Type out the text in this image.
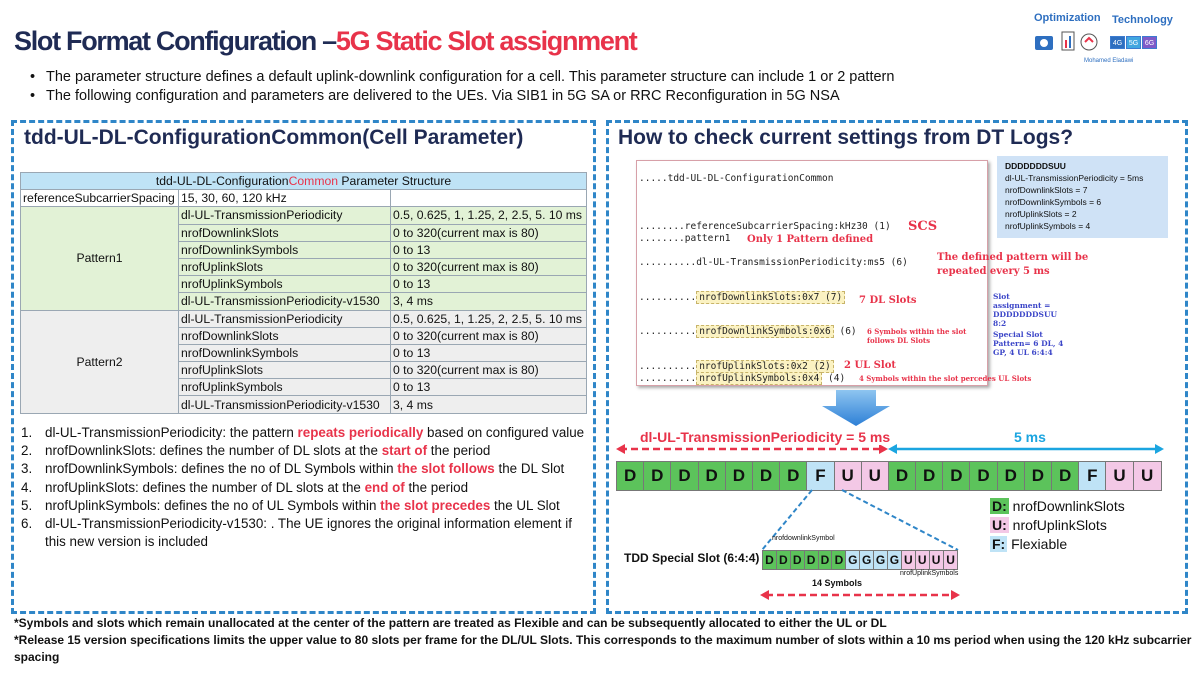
Slot Format Configuration –5G Static Slot assignment
Optimization Technology
4G 5G 6G
Mohamed Eladawi
• The parameter structure defines a default uplink-downlink configuration for a cell. This parameter structure can include 1 or 2 pattern
• The following configuration and parameters are delivered to the UEs. Via SIB1 in 5G SA or RRC Reconfiguration in 5G NSA
tdd-UL-DL-ConfigurationCommon(Cell Parameter)
tdd-UL-DL-ConfigurationCommon Parameter Structure		
referenceSubcarrierSpacing	15, 30, 60, 120 kHz	
Pattern1	dl-UL-TransmissionPeriodicity	0.5, 0.625, 1, 1.25, 2, 2.5, 5. 10 ms
	nrofDownlinkSlots	0 to 320(current max is 80)
	nrofDownlinkSymbols	0 to 13
	nrofUplinkSlots	0 to 320(current max is 80)
	nrofUplinkSymbols	0 to 13
	dl-UL-TransmissionPeriodicity-v1530	3, 4 ms
Pattern2	dl-UL-TransmissionPeriodicity	0.5, 0.625, 1, 1.25, 2, 2.5, 5. 10 ms
	nrofDownlinkSlots	0 to 320(current max is 80)
	nrofDownlinkSymbols	0 to 13
	nrofUplinkSlots	0 to 320(current max is 80)
	nrofUplinkSymbols	0 to 13
	dl-UL-TransmissionPeriodicity-v1530	3, 4 ms
1. dl-UL-TransmissionPeriodicity: the pattern repeats periodically based on configured value
2. nrofDownlinkSlots: defines the number of DL slots at the start of the period
3. nrofDownlinkSymbols: defines the no of DL Symbols within the slot follows the DL Slot
4. nrofUplinkSlots: defines the number of DL slots at the end of the period
5. nrofUplinkSymbols: defines the no of UL Symbols within the slot precedes the UL Slot
6. dl-UL-TransmissionPeriodicity-v1530: . The UE ignores the original information element if this new version is included
How to check current settings from DT Logs?
.....tdd-UL-DL-ConfigurationCommon
........referenceSubcarrierSpacing:kHz30 (1)
........pattern1
..........dl-UL-TransmissionPeriodicity:ms5 (6)
.......... nrofDownlinkSlots:0x7 (7)
.......... nrofDownlinkSymbols:0x6 (6)
.......... nrofUplinkSlots:0x2 (2)
.......... nrofUplinkSymbols:0x4 (4)
SCS
Only 1 Pattern defined
The defined pattern will be repeated every 5 ms
7 DL Slots
6 Symbols within the slot follows DL Slots
2 UL Slot
4 Symbols within the slot percedes UL Slots
Slot assignment = DDDDDDDSUU 8:2
Special Slot Pattern= 6 DL, 4 GP, 4 UL 6:4:4
DDDDDDDSUU
dl-UL-TransmissionPeriodicity = 5ms
nrofDownlinkSlots = 7
nrofDownlinkSymbols = 6
nrofUplinkSlots = 2
nrofUplinkSymbols = 4
dl-UL-TransmissionPeriodicity = 5 ms	5 ms
D D D D D D D F U U D D D D D D D F U U
D: nrofDownlinkSlots
U: nrofUplinkSlots
F: Flexiable
TDD Special Slot (6:4:4)
nrofdownlinkSymbol
D D D D D D G G G G U U U U
nrofUplinkSymbols
14 Symbols
*Symbols and slots which remain unallocated at the center of the pattern are treated as Flexible and can be subsequently allocated to either the UL or DL
*Release 15 version specifications limits the upper value to 80 slots per frame for the DL/UL Slots. This corresponds to the maximum number of slots within a 10 ms period when using the 120 kHz subcarrier spacing
